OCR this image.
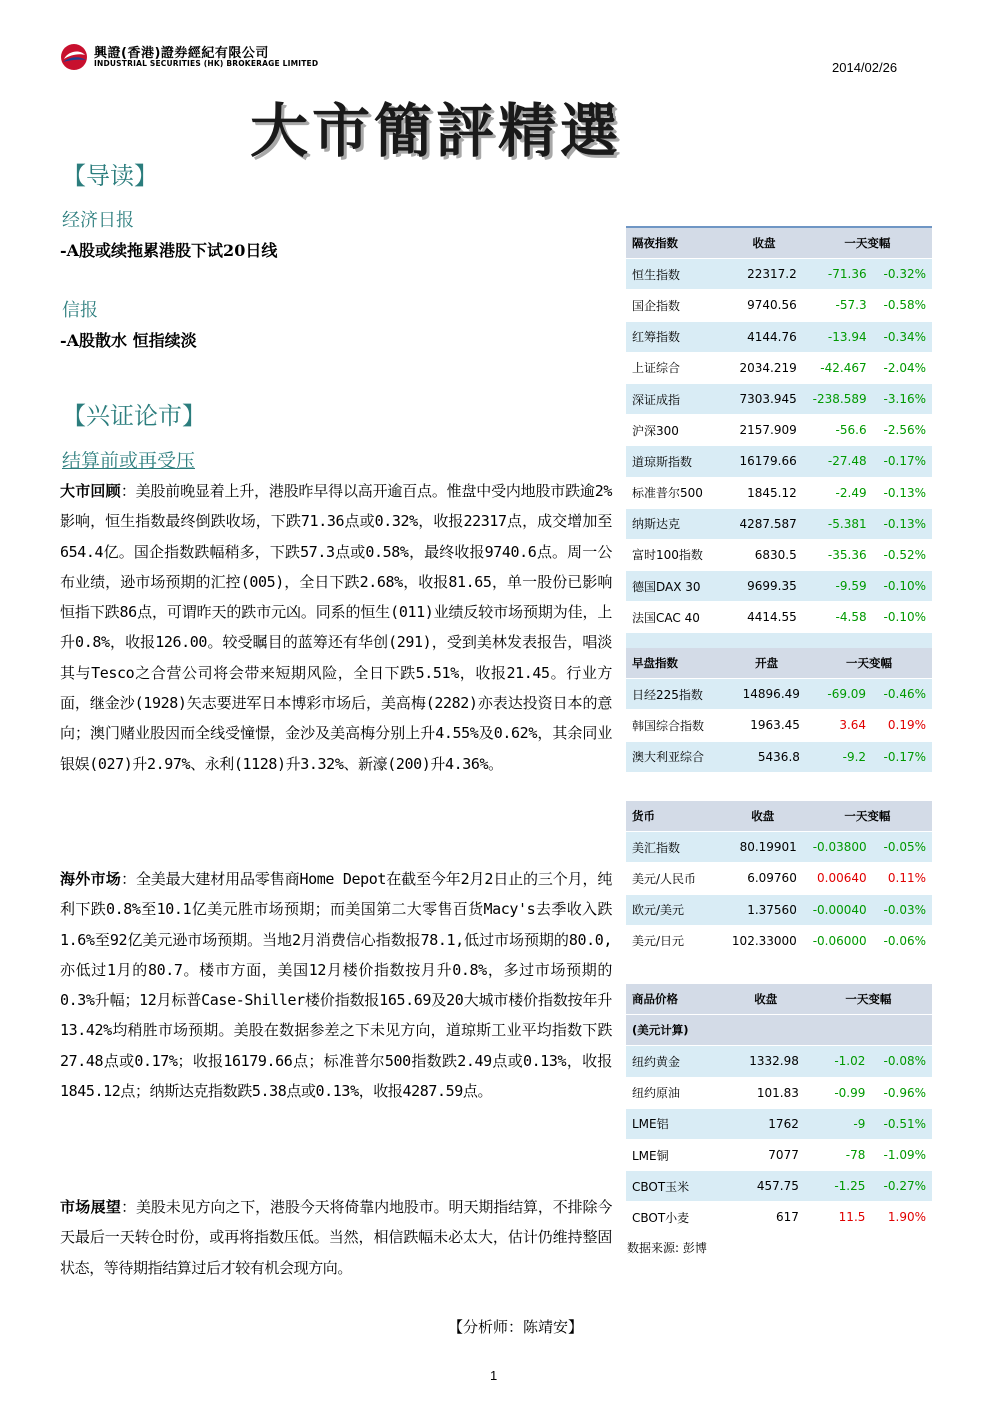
興證(香港)證券經紀有限公司
INDUSTRIAL SECURITIES (HK) BROKERAGE LIMITED	2014/02/26
大市簡評精選
【导读】
经济日报
-A股或续拖累港股下试20日线
信报
-A股散水 恒指续淡
【兴证论市】
结算前或再受压
大市回顾：美股前晚显着上升，港股昨早得以高开逾百点。惟盘中受内地股市跌逾2%影响，恒生指数最终倒跌收场，下跌71.36点或0.32%，收报22317点，成交增加至654.4亿。国企指数跌幅稍多，下跌57.3点或0.58%，最终收报9740.6点。周一公布业绩，逊市场预期的汇控(005)，全日下跌2.68%，收报81.65，单一股份已影响恒指下跌86点，可谓昨天的跌市元凶。同系的恒生(011)业绩反较市场预期为佳，上升0.8%，收报126.00。较受瞩目的蓝筹还有华创(291)，受到美林发表报告，唱淡其与Tesco之合营公司将会带来短期风险，全日下跌5.51%，收报21.45。行业方面，继金沙(1928)矢志要进军日本博彩市场后，美高梅(2282)亦表达投资日本的意向；澳门赌业股因而全线受憧憬，金沙及美高梅分别上升4.55%及0.62%，其余同业银娱(027)升2.97%、永利(1128)升3.32%、新濠(200)升4.36%。
海外市场：全美最大建材用品零售商Home Depot在截至今年2月2日止的三个月，纯利下跌0.8%至10.1亿美元胜市场预期；而美国第二大零售百货Macy's去季收入跌1.6%至92亿美元逊市场预期。当地2月消费信心指数报78.1,低过市场预期的80.0,亦低过1月的80.7。楼市方面，美国12月楼价指数按月升0.8%，多过市场预期的0.3%升幅；12月标普Case-Shiller楼价指数报165.69及20大城市楼价指数按年升13.42%均稍胜市场预期。美股在数据参差之下未见方向，道琼斯工业平均指数下跌27.48点或0.17%；收报16179.66点；标准普尔500指数跌2.49点或0.13%，收报1845.12点；纳斯达克指数跌5.38点或0.13%，收报4287.59点。
市场展望：美股未见方向之下，港股今天将倚靠内地股市。明天期指结算，不排除今天最后一天转仓时份，或再将指数压低。当然，相信跌幅未必太大，估计仍维持整固状态，等待期指结算过后才较有机会现方向。
【分析师：陈靖安】
隔夜指数	收盘	一天变幅	
恒生指数	22317.2	-71.36	-0.32%
国企指数	9740.56	-57.3	-0.58%
红筹指数	4144.76	-13.94	-0.34%
上证综合	2034.219	-42.467	-2.04%
深证成指	7303.945	-238.589	-3.16%
沪深300	2157.909	-56.6	-2.56%
道琼斯指数	16179.66	-27.48	-0.17%
标准普尔500	1845.12	-2.49	-0.13%
纳斯达克	4287.587	-5.381	-0.13%
富时100指数	6830.5	-35.36	-0.52%
德国DAX 30	9699.35	-9.59	-0.10%
法国CAC 40	4414.55	-4.58	-0.10%

早盘指数	开盘	一天变幅	
日经225指数	14896.49	-69.09	-0.46%
韩国综合指数	1963.45	3.64	0.19%
澳大利亚综合	5436.8	-9.2	-0.17%
货币	收盘	一天变幅	
美汇指数	80.19901	-0.03800	-0.05%
美元/人民币	6.09760	0.00640	0.11%
欧元/美元	1.37560	-0.00040	-0.03%
美元/日元	102.33000	-0.06000	-0.06%
商品价格	收盘	一天变幅	
(美元计算)			
纽约黄金	1332.98	-1.02	-0.08%
纽约原油	101.83	-0.99	-0.96%
LME铝	1762	-9	-0.51%
LME铜	7077	-78	-1.09%
CBOT玉米	457.75	-1.25	-0.27%
CBOT小麦	617	11.5	1.90%
数据来源: 彭博
1
